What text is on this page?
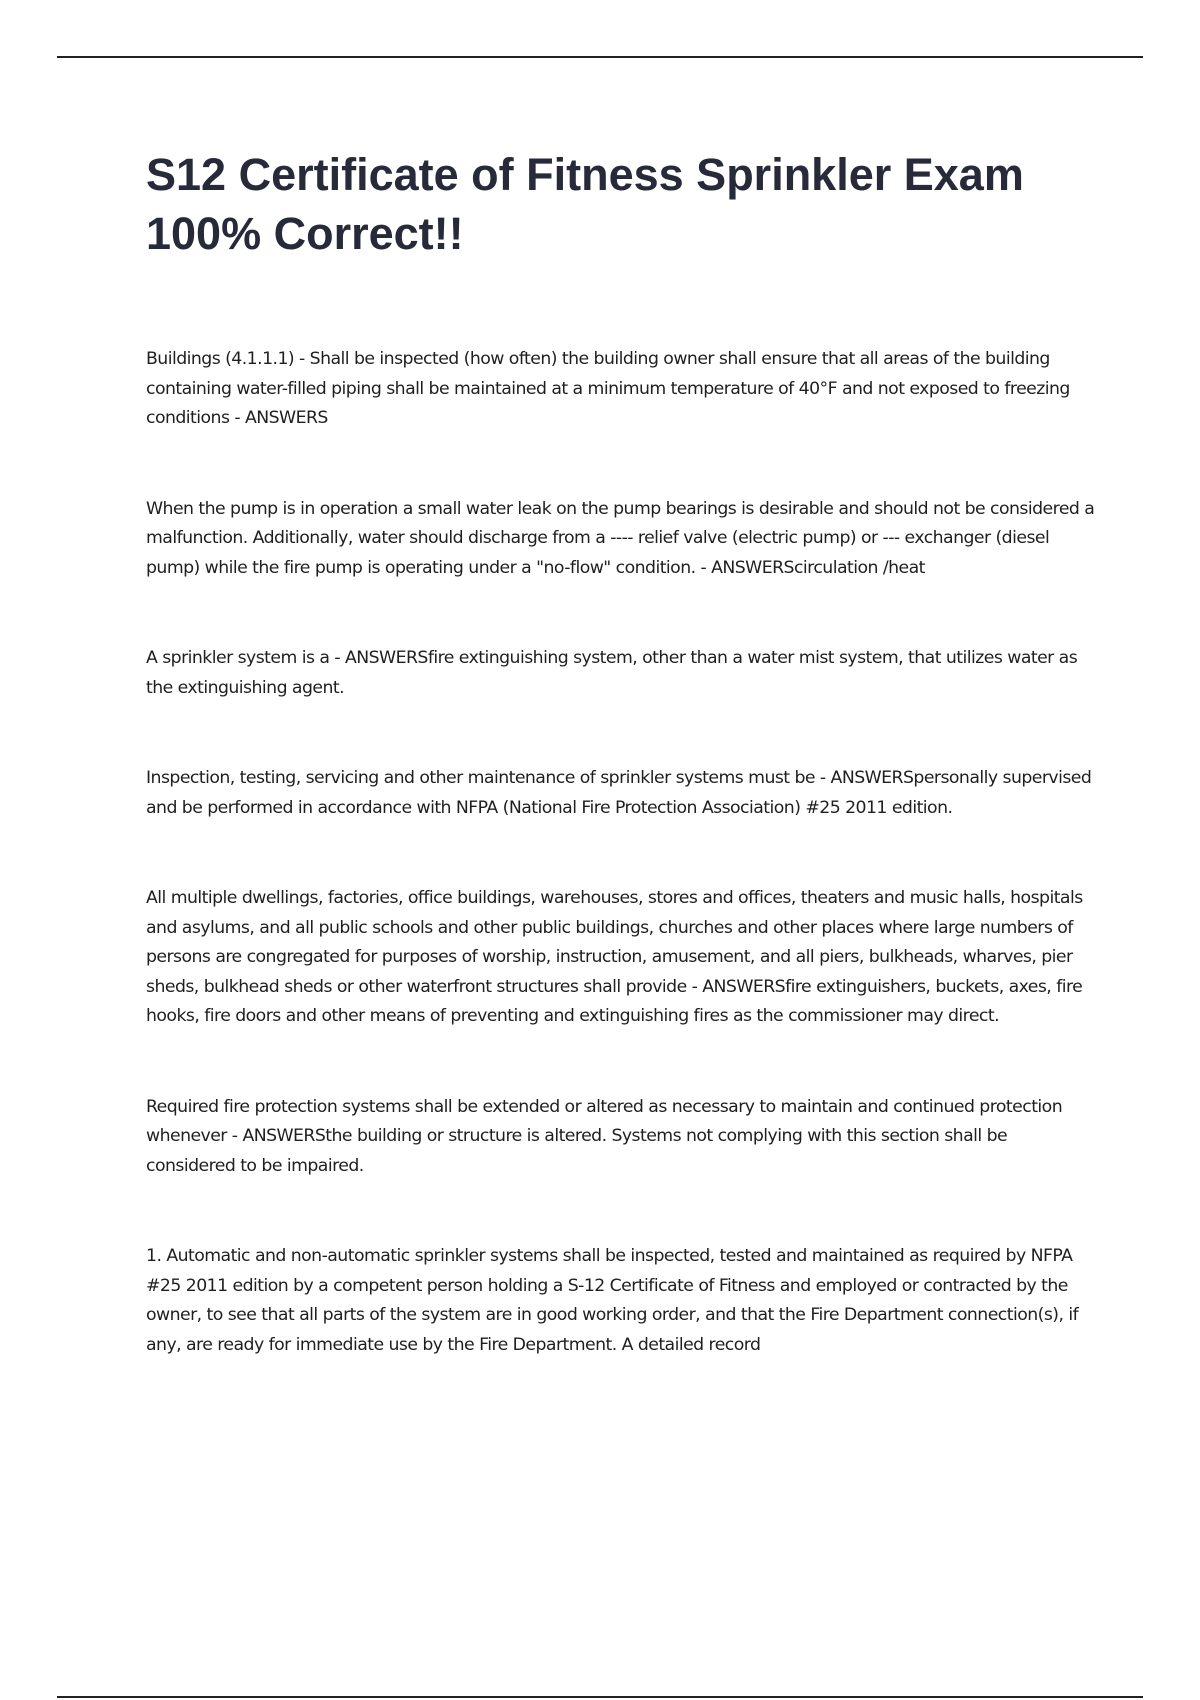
S12 Certificate of Fitness Sprinkler Exam 100% Correct!!

Buildings (4.1.1.1) - Shall be inspected (how often) the building owner shall ensure that all areas of the building containing water-filled piping shall be maintained at a minimum temperature of 40°F and not exposed to freezing conditions - ANSWERS

When the pump is in operation a small water leak on the pump bearings is desirable and should not be considered a malfunction. Additionally, water should discharge from a ---- relief valve (electric pump) or --- exchanger (diesel pump) while the fire pump is operating under a "no-flow" condition. - ANSWERScirculation /heat

A sprinkler system is a - ANSWERSfire extinguishing system, other than a water mist system, that utilizes water as the extinguishing agent.

Inspection, testing, servicing and other maintenance of sprinkler systems must be - ANSWERSpersonally supervised and be performed in accordance with NFPA (National Fire Protection Association) #25 2011 edition.

All multiple dwellings, factories, office buildings, warehouses, stores and offices, theaters and music halls, hospitals and asylums, and all public schools and other public buildings, churches and other places where large numbers of persons are congregated for purposes of worship, instruction, amusement, and all piers, bulkheads, wharves, pier sheds, bulkhead sheds or other waterfront structures shall provide - ANSWERSfire extinguishers, buckets, axes, fire hooks, fire doors and other means of preventing and extinguishing fires as the commissioner may direct.

Required fire protection systems shall be extended or altered as necessary to maintain and continued protection whenever - ANSWERSthe building or structure is altered. Systems not complying with this section shall be considered to be impaired.

1. Automatic and non-automatic sprinkler systems shall be inspected, tested and maintained as required by NFPA #25 2011 edition by a competent person holding a S-12 Certificate of Fitness and employed or contracted by the owner, to see that all parts of the system are in good working order, and that the Fire Department connection(s), if any, are ready for immediate use by the Fire Department. A detailed record
